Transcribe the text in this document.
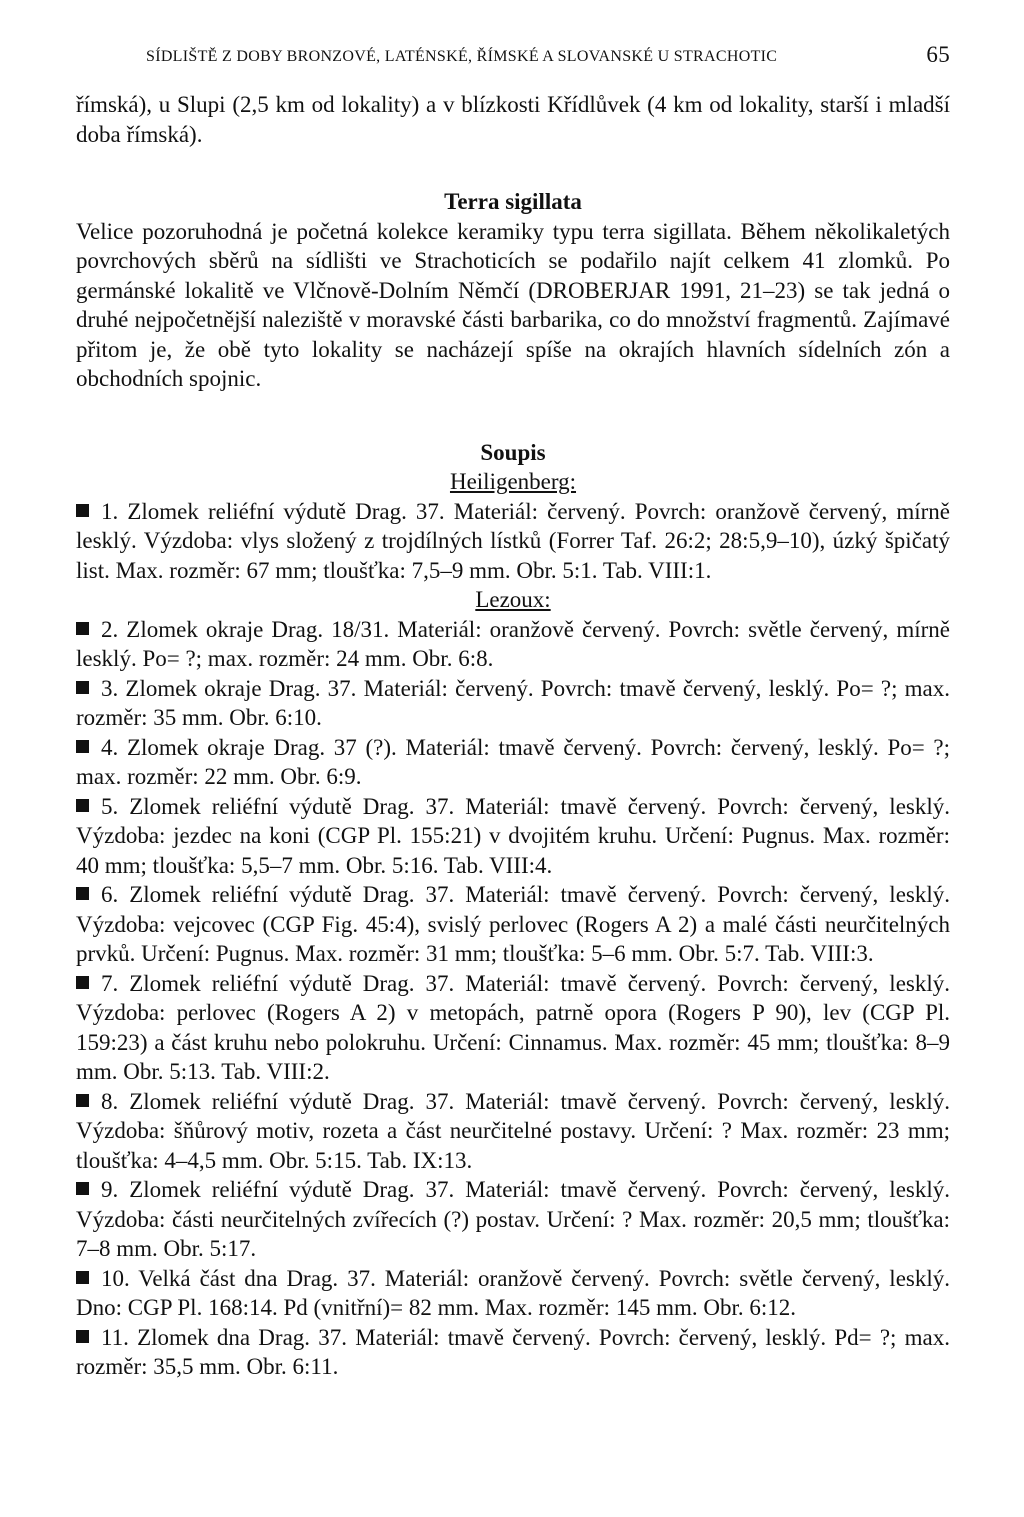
SÍDLIŠTĚ Z DOBY BRONZOVÉ, LATÉNSKÉ, ŘÍMSKÉ A SLOVANSKÉ U STRACHOTIC	65

římská), u Slupi (2,5 km od lokality) a v blízkosti Křídlůvek (4 km od lokality, starší i mladší doba římská).

Terra sigillata

Velice pozoruhodná je početná kolekce keramiky typu terra sigillata. Během několikaletých povrchových sběrů na sídlišti ve Strachoticích se podařilo najít celkem 41 zlomků. Po germánské lokalitě ve Vlčnově-Dolním Němčí (DROBERJAR 1991, 21–23) se tak jedná o druhé nejpočetnější naleziště v moravské části barbarika, co do množství fragmentů. Zajímavé přitom je, že obě tyto lokality se nacházejí spíše na okrajích hlavních sídelních zón a obchodních spojnic.

Soupis
Heiligenberg:

1. Zlomek reliéfní výdutě Drag. 37. Materiál: červený. Povrch: oranžově červený, mírně lesklý. Výzdoba: vlys složený z trojdílných lístků (Forrer Taf. 26:2; 28:5,9–10), úzký špičatý list. Max. rozměr: 67 mm; tloušťka: 7,5–9 mm. Obr. 5:1. Tab. VIII:1.

Lezoux:

2. Zlomek okraje Drag. 18/31. Materiál: oranžově červený. Povrch: světle červený, mírně lesklý. Po= ?; max. rozměr: 24 mm. Obr. 6:8.

3. Zlomek okraje Drag. 37. Materiál: červený. Povrch: tmavě červený, lesklý. Po= ?; max. rozměr: 35 mm. Obr. 6:10.

4. Zlomek okraje Drag. 37 (?). Materiál: tmavě červený. Povrch: červený, lesklý. Po= ?; max. rozměr: 22 mm. Obr. 6:9.

5. Zlomek reliéfní výdutě Drag. 37. Materiál: tmavě červený. Povrch: červený, lesklý. Výzdoba: jezdec na koni (CGP Pl. 155:21) v dvojitém kruhu. Určení: Pugnus. Max. rozměr: 40 mm; tloušťka: 5,5–7 mm. Obr. 5:16. Tab. VIII:4.

6. Zlomek reliéfní výdutě Drag. 37. Materiál: tmavě červený. Povrch: červený, lesklý. Výzdoba: vejcovec (CGP Fig. 45:4), svislý perlovec (Rogers A 2) a malé části neurčitelných prvků. Určení: Pugnus. Max. rozměr: 31 mm; tloušťka: 5–6 mm. Obr. 5:7. Tab. VIII:3.

7. Zlomek reliéfní výdutě Drag. 37. Materiál: tmavě červený. Povrch: červený, lesklý. Výzdoba: perlovec (Rogers A 2) v metopách, patrně opora (Rogers P 90), lev (CGP Pl. 159:23) a část kruhu nebo polokruhu. Určení: Cinnamus. Max. rozměr: 45 mm; tloušťka: 8–9 mm. Obr. 5:13. Tab. VIII:2.

8. Zlomek reliéfní výdutě Drag. 37. Materiál: tmavě červený. Povrch: červený, lesklý. Výzdoba: šňůrový motiv, rozeta a část neurčitelné postavy. Určení: ? Max. rozměr: 23 mm; tloušťka: 4–4,5 mm. Obr. 5:15. Tab. IX:13.

9. Zlomek reliéfní výdutě Drag. 37. Materiál: tmavě červený. Povrch: červený, lesklý. Výzdoba: části neurčitelných zvířecích (?) postav. Určení: ? Max. rozměr: 20,5 mm; tloušťka: 7–8 mm. Obr. 5:17.

10. Velká část dna Drag. 37. Materiál: oranžově červený. Povrch: světle červený, lesklý. Dno: CGP Pl. 168:14. Pd (vnitřní)= 82 mm. Max. rozměr: 145 mm. Obr. 6:12.

11. Zlomek dna Drag. 37. Materiál: tmavě červený. Povrch: červený, lesklý. Pd= ?; max. rozměr: 35,5 mm. Obr. 6:11.
